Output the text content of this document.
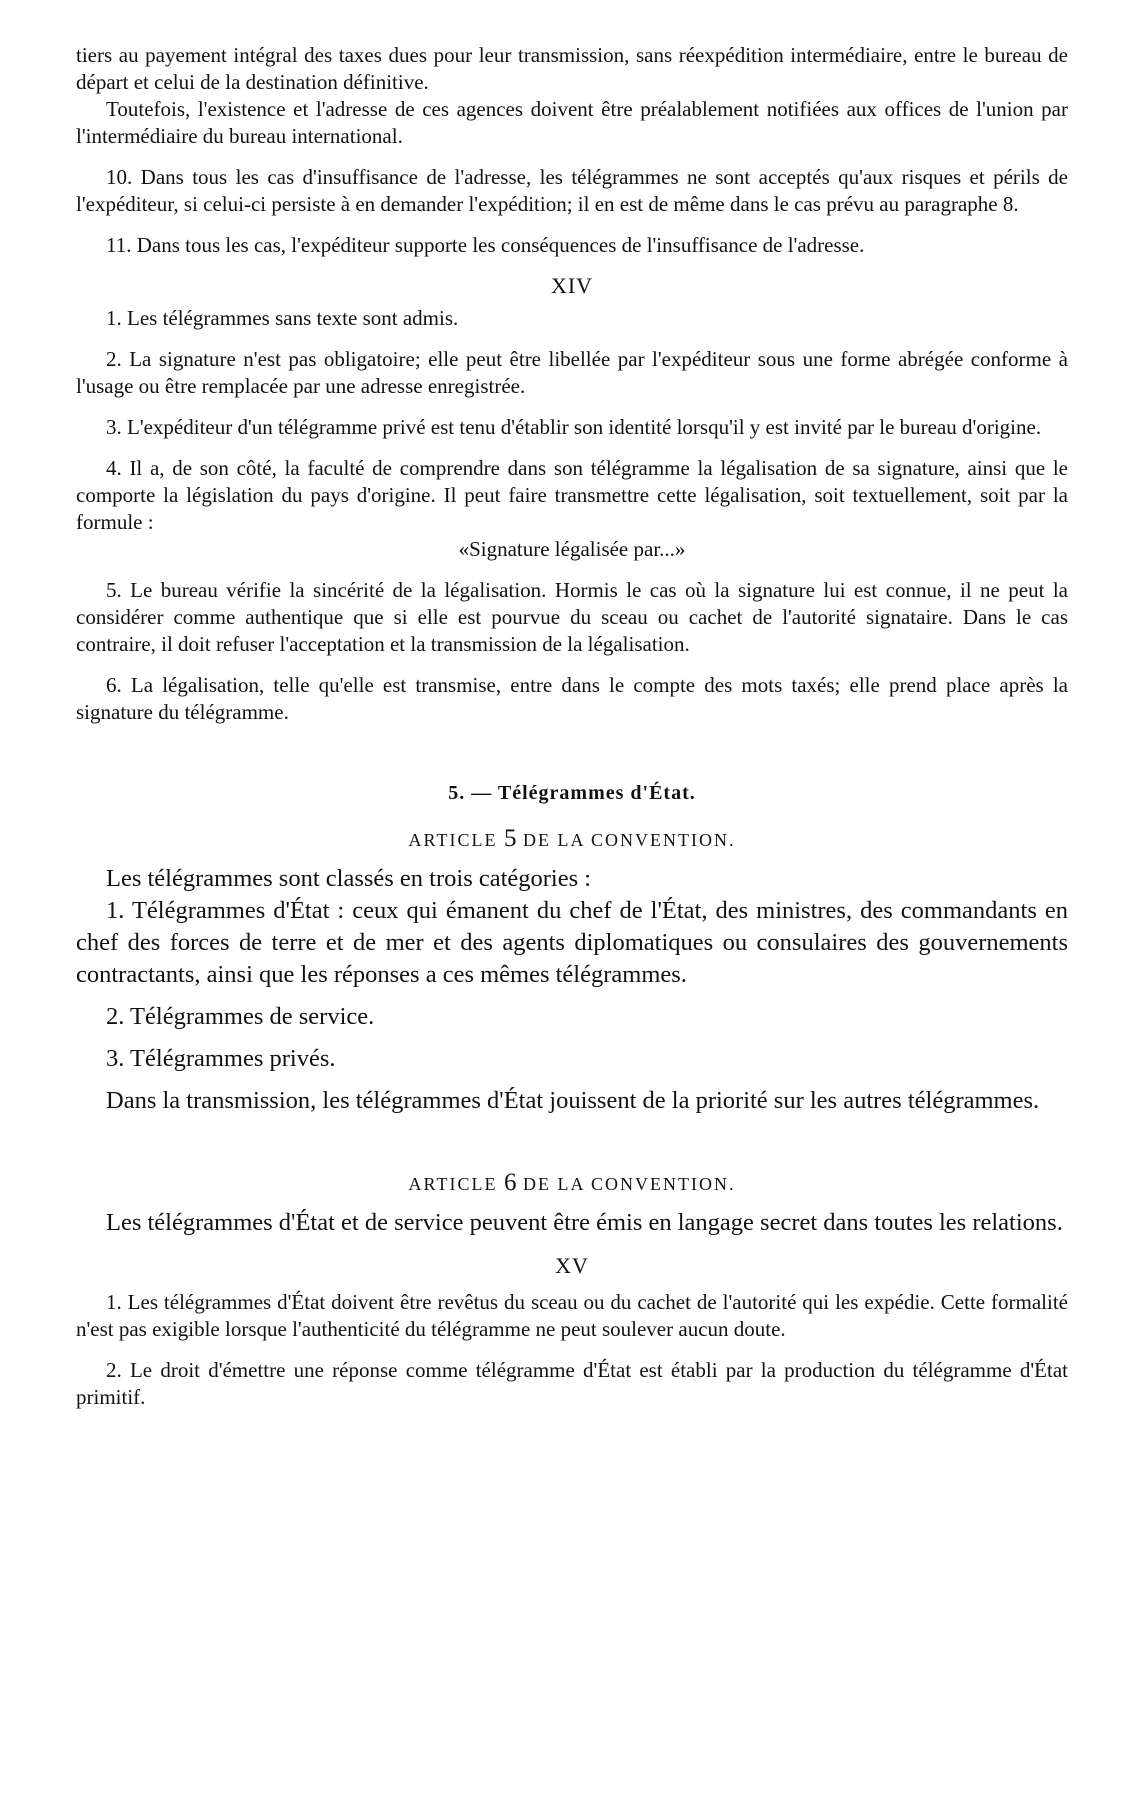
tiers au payement intégral des taxes dues pour leur transmission, sans réexpédition intermédiaire, entre le bureau de départ et celui de la destination définitive.

Toutefois, l'existence et l'adresse de ces agences doivent être préalablement notifiées aux offices de l'union par l'intermédiaire du bureau international.

10. Dans tous les cas d'insuffisance de l'adresse, les télégrammes ne sont acceptés qu'aux risques et périls de l'expéditeur, si celui-ci persiste à en demander l'expédition; il en est de même dans le cas prévu au paragraphe 8.

11. Dans tous les cas, l'expéditeur supporte les conséquences de l'insuffisance de l'adresse.

XIV

1. Les télégrammes sans texte sont admis.

2. La signature n'est pas obligatoire; elle peut être libellée par l'expéditeur sous une forme abrégée conforme à l'usage ou être remplacée par une adresse enregistrée.

3. L'expéditeur d'un télégramme privé est tenu d'établir son identité lorsqu'il y est invité par le bureau d'origine.

4. Il a, de son côté, la faculté de comprendre dans son télégramme la légalisation de sa signature, ainsi que le comporte la législation du pays d'origine. Il peut faire transmettre cette légalisation, soit textuellement, soit par la formule :

«Signature légalisée par...»

5. Le bureau vérifie la sincérité de la légalisation. Hormis le cas où la signature lui est connue, il ne peut la considérer comme authentique que si elle est pourvue du sceau ou cachet de l'autorité signataire. Dans le cas contraire, il doit refuser l'acceptation et la transmission de la légalisation.

6. La légalisation, telle qu'elle est transmise, entre dans le compte des mots taxés; elle prend place après la signature du télégramme.

5. — Télégrammes d'État.
ARTICLE 5 DE LA CONVENTION.

Les télégrammes sont classés en trois catégories :

1. Télégrammes d'État : ceux qui émanent du chef de l'État, des ministres, des commandants en chef des forces de terre et de mer et des agents diplomatiques ou consulaires des gouvernements contractants, ainsi que les réponses a ces mêmes télégrammes.

2. Télégrammes de service.

3. Télégrammes privés.

Dans la transmission, les télégrammes d'État jouissent de la priorité sur les autres télégrammes.

ARTICLE 6 DE LA CONVENTION.

Les télégrammes d'État et de service peuvent être émis en langage secret dans toutes les relations.

XV

1. Les télégrammes d'État doivent être revêtus du sceau ou du cachet de l'autorité qui les expédie. Cette formalité n'est pas exigible lorsque l'authenticité du télégramme ne peut soulever aucun doute.

2. Le droit d'émettre une réponse comme télégramme d'État est établi par la production du télégramme d'État primitif.
